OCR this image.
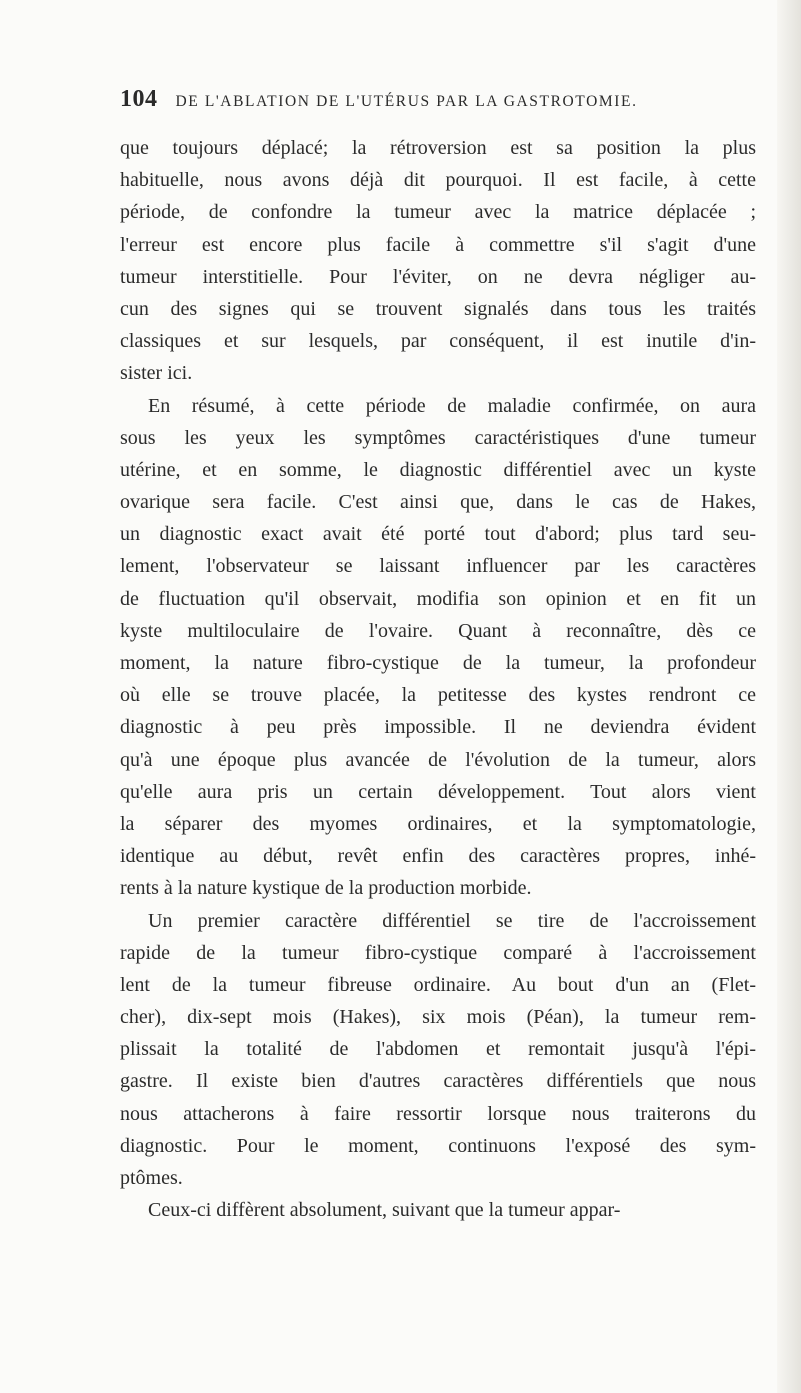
104 DE L'ABLATION DE L'UTÉRUS PAR LA GASTROTOMIE.
que toujours déplacé; la rétroversion est sa position la plus
habituelle, nous avons déjà dit pourquoi. Il est facile, à cette
période, de confondre la tumeur avec la matrice déplacée ;
l'erreur est encore plus facile à commettre s'il s'agit d'une
tumeur interstitielle. Pour l'éviter, on ne devra négliger au-
cun des signes qui se trouvent signalés dans tous les traités
classiques et sur lesquels, par conséquent, il est inutile d'in-
sister ici.
En résumé, à cette période de maladie confirmée, on aura
sous les yeux les symptômes caractéristiques d'une tumeur
utérine, et en somme, le diagnostic différentiel avec un kyste
ovarique sera facile. C'est ainsi que, dans le cas de Hakes,
un diagnostic exact avait été porté tout d'abord; plus tard seu-
lement, l'observateur se laissant influencer par les caractères
de fluctuation qu'il observait, modifia son opinion et en fit un
kyste multiloculaire de l'ovaire. Quant à reconnaître, dès ce
moment, la nature fibro-cystique de la tumeur, la profondeur
où elle se trouve placée, la petitesse des kystes rendront ce
diagnostic à peu près impossible. Il ne deviendra évident
qu'à une époque plus avancée de l'évolution de la tumeur, alors
qu'elle aura pris un certain développement. Tout alors vient
la séparer des myomes ordinaires, et la symptomatologie,
identique au début, revêt enfin des caractères propres, inhé-
rents à la nature kystique de la production morbide.
Un premier caractère différentiel se tire de l'accroissement
rapide de la tumeur fibro-cystique comparé à l'accroissement
lent de la tumeur fibreuse ordinaire. Au bout d'un an (Flet-
cher), dix-sept mois (Hakes), six mois (Péan), la tumeur rem-
plissait la totalité de l'abdomen et remontait jusqu'à l'épi-
gastre. Il existe bien d'autres caractères différentiels que nous
nous attacherons à faire ressortir lorsque nous traiterons du
diagnostic. Pour le moment, continuons l'exposé des sym-
ptômes.
Ceux-ci diffèrent absolument, suivant que la tumeur appar-
